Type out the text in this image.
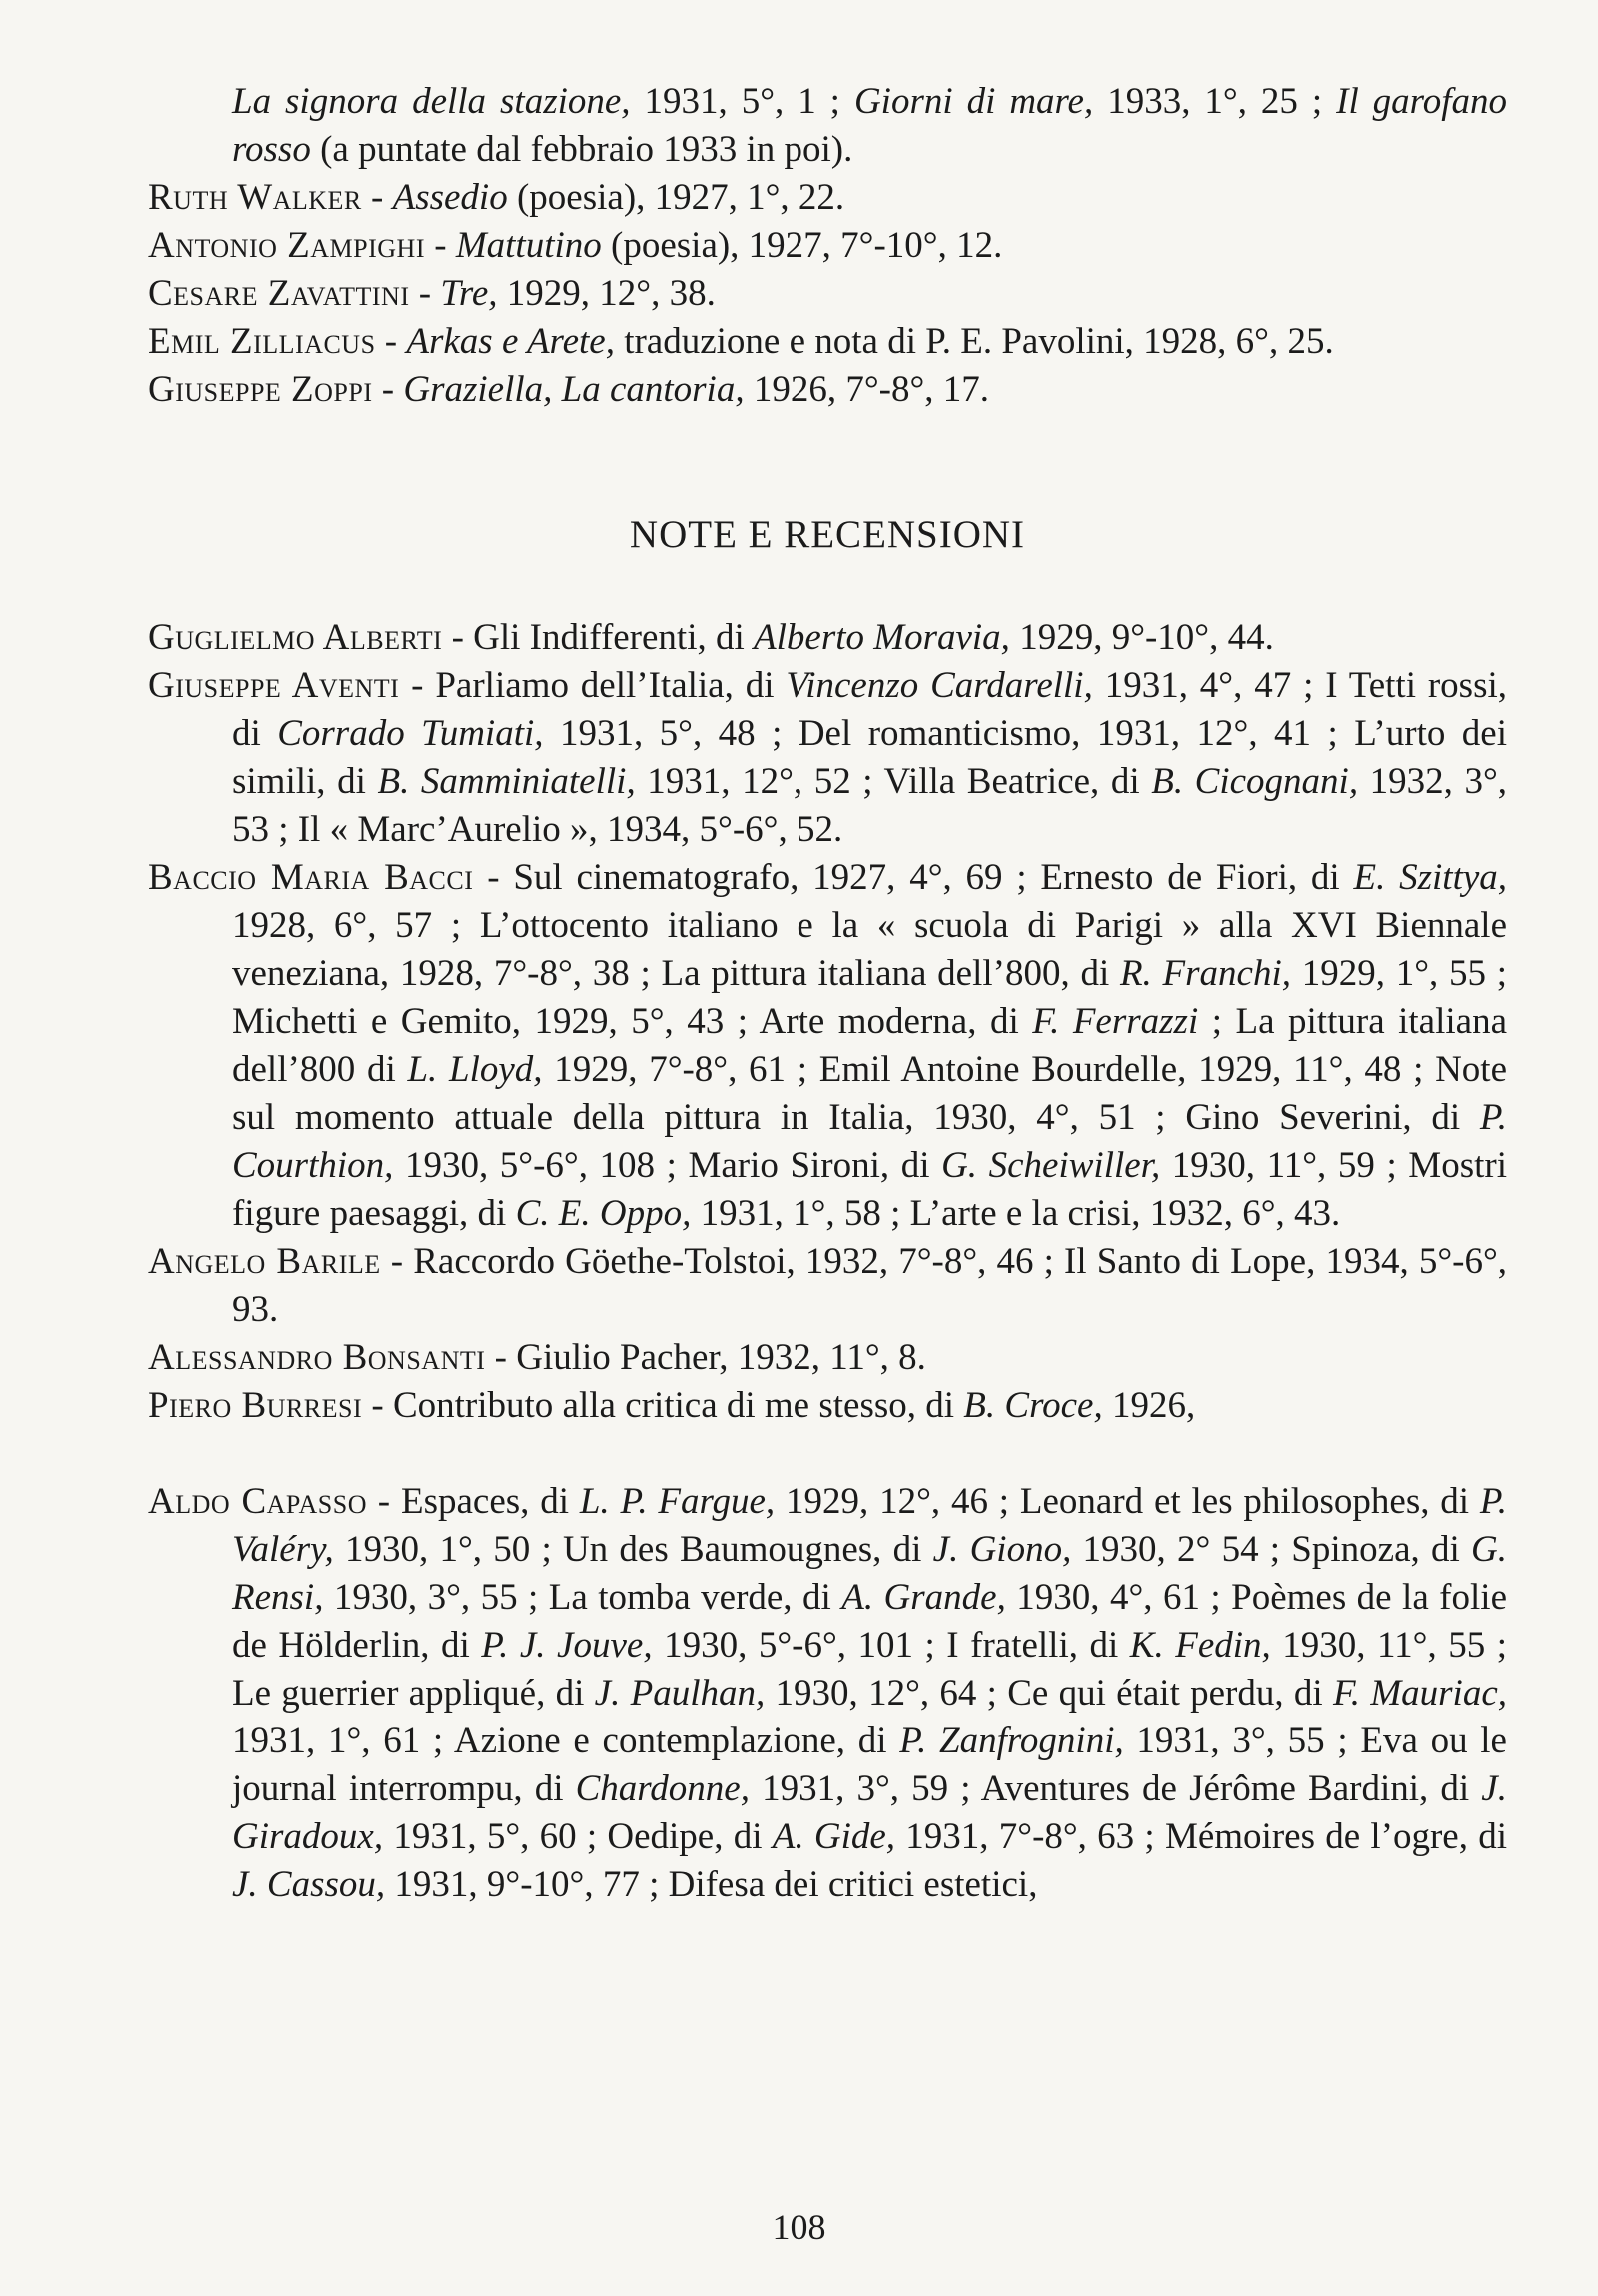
La signora della stazione, 1931, 5°, 1 ; Giorni di mare, 1933, 1°, 25 ; Il garofano rosso (a puntate dal febbraio 1933 in poi).

Ruth Walker - Assedio (poesia), 1927, 1°, 22.

Antonio Zampighi - Mattutino (poesia), 1927, 7°-10°, 12.

Cesare Zavattini - Tre, 1929, 12°, 38.

Emil Zilliacus - Arkas e Arete, traduzione e nota di P. E. Pavolini, 1928, 6°, 25.

Giuseppe Zoppi - Graziella, La cantoria, 1926, 7°-8°, 17.

NOTE E RECENSIONI

Guglielmo Alberti - Gli Indifferenti, di Alberto Moravia, 1929, 9°-10°, 44.

Giuseppe Aventi - Parliamo dell’Italia, di Vincenzo Cardarelli, 1931, 4°, 47 ; I Tetti rossi, di Corrado Tumiati, 1931, 5°, 48 ; Del romanticismo, 1931, 12°, 41 ; L’urto dei simili, di B. Samminiatelli, 1931, 12°, 52 ; Villa Beatrice, di B. Cicognani, 1932, 3°, 53 ; Il « Marc’Aurelio », 1934, 5°-6°, 52.

Baccio Maria Bacci - Sul cinematografo, 1927, 4°, 69 ; Ernesto de Fiori, di E. Szittya, 1928, 6°, 57 ; L’ottocento italiano e la « scuola di Parigi » alla XVI Biennale veneziana, 1928, 7°-8°, 38 ; La pittura italiana dell’800, di R. Franchi, 1929, 1°, 55 ; Michetti e Gemito, 1929, 5°, 43 ; Arte moderna, di F. Ferrazzi ; La pittura italiana dell’800 di L. Lloyd, 1929, 7°-8°, 61 ; Emil Antoine Bourdelle, 1929, 11°, 48 ; Note sul momento attuale della pittura in Italia, 1930, 4°, 51 ; Gino Severini, di P. Courthion, 1930, 5°-6°, 108 ; Mario Sironi, di G. Scheiwiller, 1930, 11°, 59 ; Mostri figure paesaggi, di C. E. Oppo, 1931, 1°, 58 ; L’arte e la crisi, 1932, 6°, 43.

Angelo Barile - Raccordo Göethe-Tolstoi, 1932, 7°-8°, 46 ; Il Santo di Lope, 1934, 5°-6°, 93.

Alessandro Bonsanti - Giulio Pacher, 1932, 11°, 8.

Piero Burresi - Contributo alla critica di me stesso, di B. Croce, 1926,

Aldo Capasso - Espaces, di L. P. Fargue, 1929, 12°, 46 ; Leonard et les philosophes, di P. Valéry, 1930, 1°, 50 ; Un des Baumougnes, di J. Giono, 1930, 2° 54 ; Spinoza, di G. Rensi, 1930, 3°, 55 ; La tomba verde, di A. Grande, 1930, 4°, 61 ; Poèmes de la folie de Hölderlin, di P. J. Jouve, 1930, 5°-6°, 101 ; I fratelli, di K. Fedin, 1930, 11°, 55 ; Le guerrier appliqué, di J. Paulhan, 1930, 12°, 64 ; Ce qui était perdu, di F. Mauriac, 1931, 1°, 61 ; Azione e contemplazione, di P. Zanfrognini, 1931, 3°, 55 ; Eva ou le journal interrompu, di Chardonne, 1931, 3°, 59 ; Aventures de Jérôme Bardini, di J. Giradoux, 1931, 5°, 60 ; Oedipe, di A. Gide, 1931, 7°-8°, 63 ; Mémoires de l’ogre, di J. Cassou, 1931, 9°-10°, 77 ; Difesa dei critici estetici,

108
